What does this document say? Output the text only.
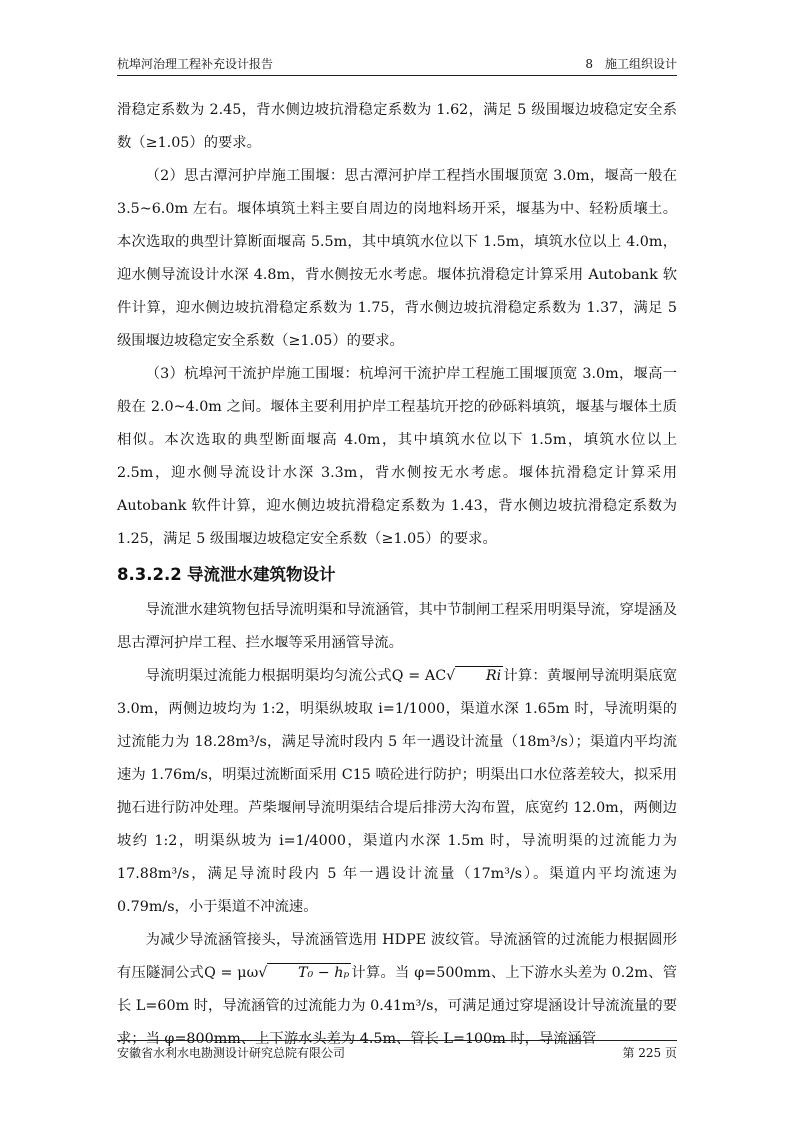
杭埠河治理工程补充设计报告	8　施工组织设计

滑稳定系数为 2.45，背水侧边坡抗滑稳定系数为 1.62，满足 5 级围堰边坡稳定安全系数（≥1.05）的要求。

（2）思古潭河护岸施工围堰：思古潭河护岸工程挡水围堰顶宽 3.0m，堰高一般在 3.5~6.0m 左右。堰体填筑土料主要自周边的岗地料场开采，堰基为中、轻粉质壤土。本次选取的典型计算断面堰高 5.5m，其中填筑水位以下 1.5m，填筑水位以上 4.0m，迎水侧导流设计水深 4.8m，背水侧按无水考虑。堰体抗滑稳定计算采用 Autobank 软件计算，迎水侧边坡抗滑稳定系数为 1.75，背水侧边坡抗滑稳定系数为 1.37，满足 5 级围堰边坡稳定安全系数（≥1.05）的要求。

（3）杭埠河干流护岸施工围堰：杭埠河干流护岸工程施工围堰顶宽 3.0m，堰高一般在 2.0~4.0m 之间。堰体主要利用护岸工程基坑开挖的砂砾料填筑，堰基与堰体土质相似。本次选取的典型断面堰高 4.0m，其中填筑水位以下 1.5m，填筑水位以上 2.5m，迎水侧导流设计水深 3.3m，背水侧按无水考虑。堰体抗滑稳定计算采用 Autobank 软件计算，迎水侧边坡抗滑稳定系数为 1.43，背水侧边坡抗滑稳定系数为 1.25，满足 5 级围堰边坡稳定安全系数（≥1.05）的要求。

8.3.2.2 导流泄水建筑物设计

导流泄水建筑物包括导流明渠和导流涵管，其中节制闸工程采用明渠导流，穿堤涵及思古潭河护岸工程、拦水堰等采用涵管导流。

导流明渠过流能力根据明渠均匀流公式Q = AC√ Ri 计算：黄堰闸导流明渠底宽 3.0m，两侧边坡均为 1:2，明渠纵坡取 i=1/1000，渠道水深 1.65m 时，导流明渠的过流能力为 18.28m³/s，满足导流时段内 5 年一遇设计流量（18m³/s）；渠道内平均流速为 1.76m/s，明渠过流断面采用 C15 喷砼进行防护；明渠出口水位落差较大，拟采用抛石进行防冲处理。芦柴堰闸导流明渠结合堤后排涝大沟布置，底宽约 12.0m，两侧边坡约 1:2，明渠纵坡为 i=1/4000，渠道内水深 1.5m 时，导流明渠的过流能力为 17.88m³/s，满足导流时段内 5 年一遇设计流量（17m³/s）。渠道内平均流速为 0.79m/s，小于渠道不冲流速。

为减少导流涵管接头，导流涵管选用 HDPE 波纹管。导流涵管的过流能力根据圆形有压隧洞公式Q = μω√ T₀ − hₚ 计算。当 φ=500mm、上下游水头差为 0.2m、管长 L=60m 时，导流涵管的过流能力为 0.41m³/s，可满足通过穿堤涵设计导流流量的要求；当 φ=800mm、上下游水头差为 4.5m、管长 L=100m 时，导流涵管

安徽省水利水电勘测设计研究总院有限公司	第 225 页
